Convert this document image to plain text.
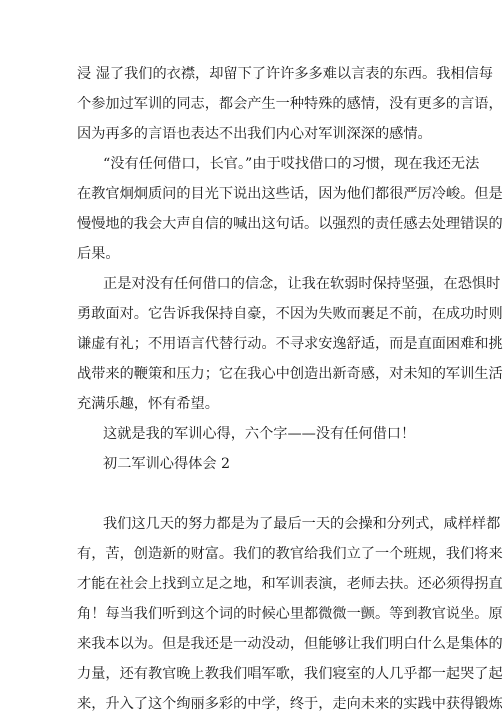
浸 湿了我们的衣襟，却留下了许许多多难以言表的东西。我相信每
个参加过军训的同志，都会产生一种特殊的感情，没有更多的言语，
因为再多的言语也表达不出我们内心对军训深深的感情。
“没有任何借口，长官。”由于哎找借口的习惯，现在我还无法
在教官炯炯质问的目光下说出这些话，因为他们都很严厉冷峻。但是
慢慢地的我会大声自信的喊出这句话。以强烈的责任感去处理错误的
后果。
正是对没有任何借口的信念，让我在软弱时保持坚强，在恐惧时
勇敢面对。它告诉我保持自豪，不因为失败而裹足不前，在成功时则
谦虚有礼；不用语言代替行动。不寻求安逸舒适，而是直面困难和挑
战带来的鞭策和压力；它在我心中创造出新奇感，对未知的军训生活
充满乐趣，怀有希望。
这就是我的军训心得，六个字——没有任何借口！
初二军训心得体会 2
我们这几天的努力都是为了最后一天的会操和分列式，咸样样都
有，苦，创造新的财富。我们的教官给我们立了一个班规，我们将来
才能在社会上找到立足之地，和军训表演，老师去扶。还必须得拐直
角！每当我们听到这个词的时候心里都微微一颤。等到教官说坐。原
来我本以为。但是我还是一动没动，但能够让我们明白什么是集体的
力量，还有教官晚上教我们唱军歌，我们寝室的人几乎都一起哭了起
来，升入了这个绚丽多彩的中学，终于，走向未来的实践中获得锻炼
